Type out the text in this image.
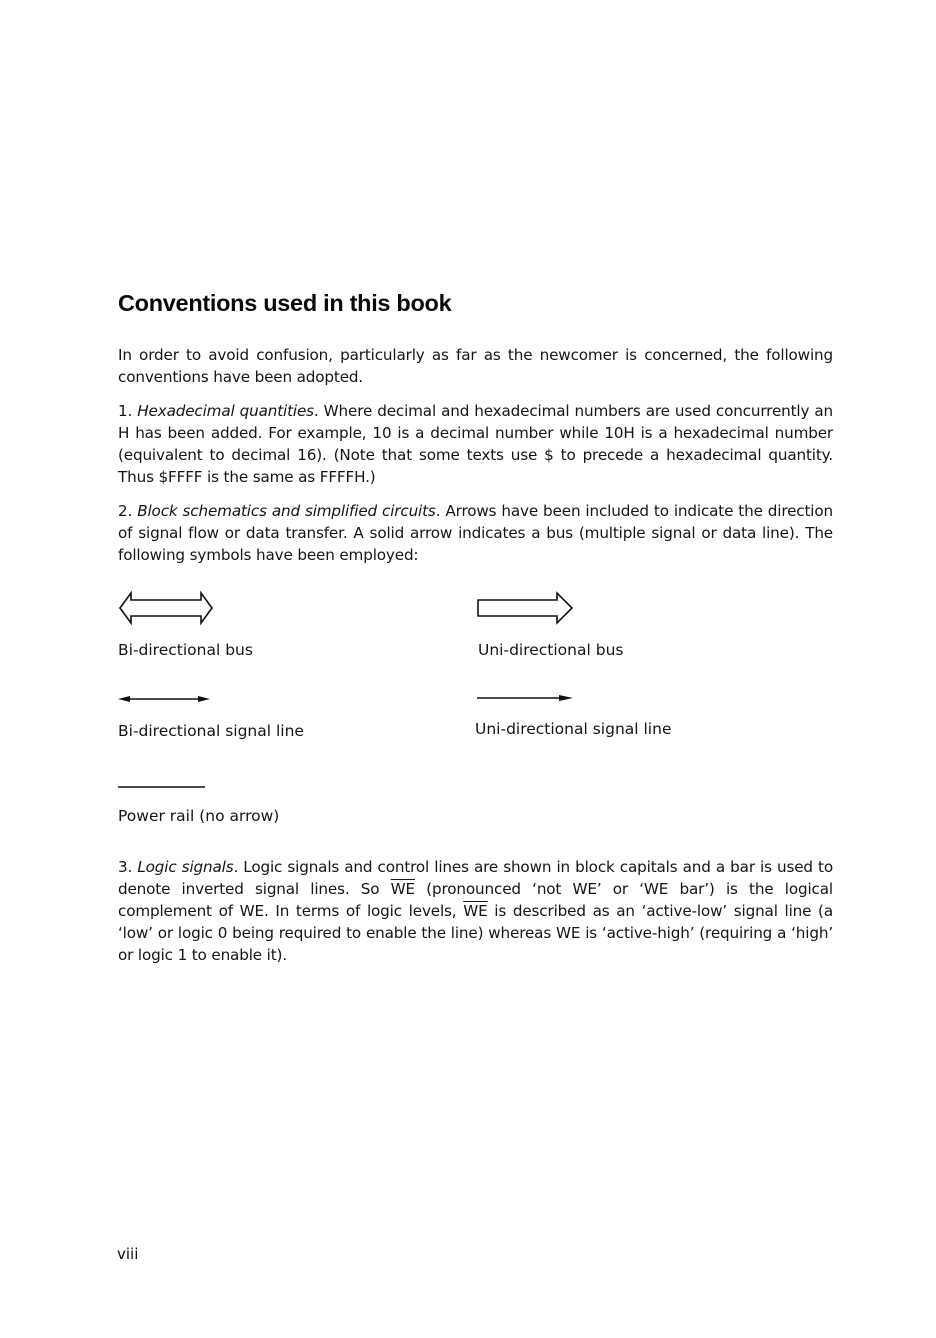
Conventions used in this book
In order to avoid confusion, particularly as far as the newcomer is concerned, the following conventions have been adopted.
1. Hexadecimal quantities. Where decimal and hexadecimal numbers are used concurrently an H has been added. For example, 10 is a decimal number while 10H is a hexadecimal number (equivalent to decimal 16). (Note that some texts use $ to precede a hexadecimal quantity. Thus $FFFF is the same as FFFFH.)
2. Block schematics and simplified circuits. Arrows have been included to indicate the direction of signal flow or data transfer. A solid arrow indicates a bus (multiple signal or data line). The following symbols have been employed:
Bi-directional bus	Uni-directional bus
Bi-directional signal line	Uni-directional signal line
Power rail (no arrow)
3. Logic signals. Logic signals and control lines are shown in block capitals and a bar is used to denote inverted signal lines. So $\overline{WE}$ (pronounced ‘not WE’ or ‘WE bar’) is the logical complement of WE. In terms of logic levels, $\overline{WE}$ is described as an ‘active-low’ signal line (a ‘low’ or logic 0 being required to enable the line) whereas WE is ‘active-high’ (requiring a ‘high’ or logic 1 to enable it).
viii
